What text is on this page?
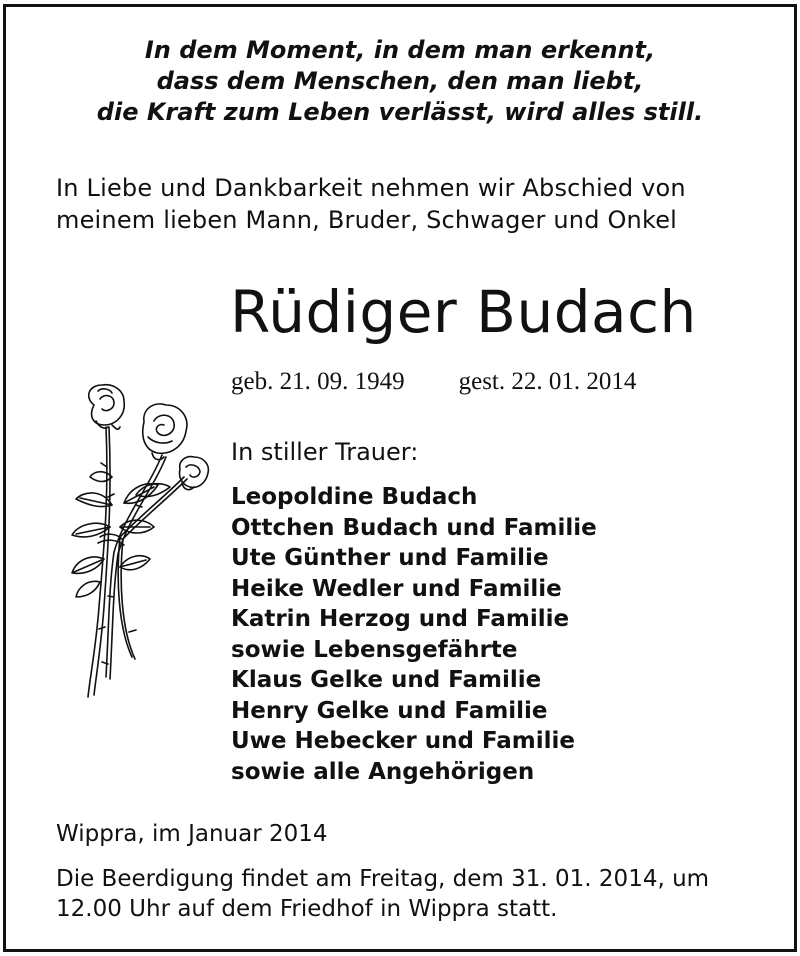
In dem Moment, in dem man erkennt,
dass dem Menschen, den man liebt,
die Kraft zum Leben verlässt, wird alles still.
In Liebe und Dankbarkeit nehmen wir Abschied von
meinem lieben Mann, Bruder, Schwager und Onkel
Rüdiger Budach
geb. 21. 09. 1949 gest. 22. 01. 2014
In stiller Trauer:
Leopoldine Budach
Ottchen Budach und Familie
Ute Günther und Familie
Heike Wedler und Familie
Katrin Herzog und Familie
sowie Lebensgefährte
Klaus Gelke und Familie
Henry Gelke und Familie
Uwe Hebecker und Familie
sowie alle Angehörigen
Wippra, im Januar 2014
Die Beerdigung findet am Freitag, dem 31. 01. 2014, um
12.00 Uhr auf dem Friedhof in Wippra statt.
